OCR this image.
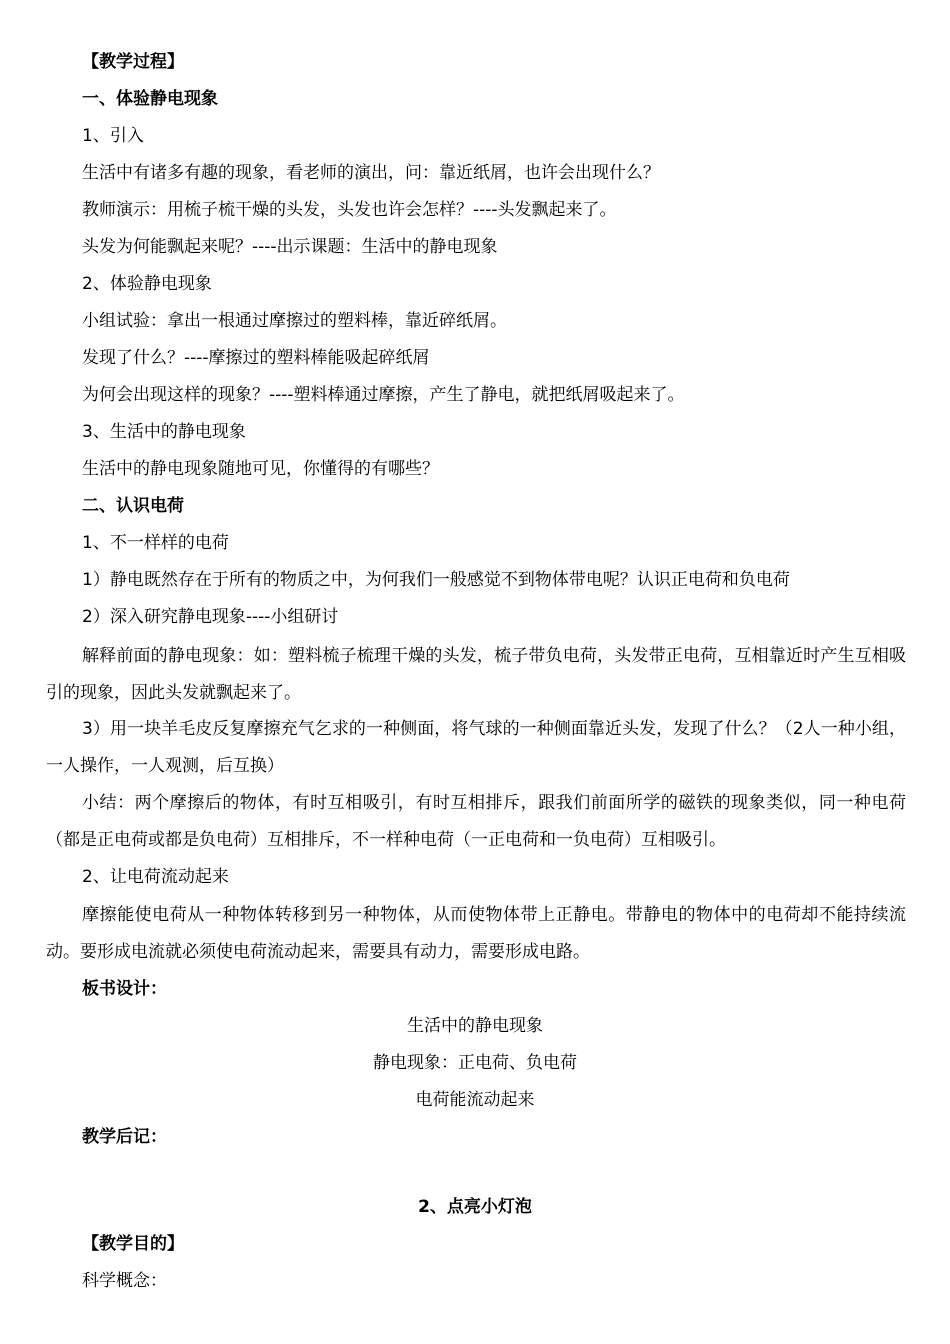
【教学过程】
一、体验静电现象
1、引入
生活中有诸多有趣的现象，看老师的演出，问：靠近纸屑，也许会出现什么？
教师演示：用梳子梳干燥的头发，头发也许会怎样？----头发飘起来了。
头发为何能飘起来呢？----出示课题：生活中的静电现象
2、体验静电现象
小组试验：拿出一根通过摩擦过的塑料棒，靠近碎纸屑。
发现了什么？----摩擦过的塑料棒能吸起碎纸屑
为何会出现这样的现象？----塑料棒通过摩擦，产生了静电，就把纸屑吸起来了。
3、生活中的静电现象
生活中的静电现象随地可见，你懂得的有哪些？
二、认识电荷
1、不一样样的电荷
1）静电既然存在于所有的物质之中，为何我们一般感觉不到物体带电呢？认识正电荷和负电荷
2）深入研究静电现象----小组研讨
解释前面的静电现象：如：塑料梳子梳理干燥的头发，梳子带负电荷，头发带正电荷，互相靠近时产生互相吸引的现象，因此头发就飘起来了。
3）用一块羊毛皮反复摩擦充气乞求的一种侧面，将气球的一种侧面靠近头发，发现了什么？（2人一种小组，一人操作，一人观测，后互换）
小结：两个摩擦后的物体，有时互相吸引，有时互相排斥，跟我们前面所学的磁铁的现象类似，同一种电荷（都是正电荷或都是负电荷）互相排斥，不一样种电荷（一正电荷和一负电荷）互相吸引。
2、让电荷流动起来
摩擦能使电荷从一种物体转移到另一种物体，从而使物体带上正静电。带静电的物体中的电荷却不能持续流动。要形成电流就必须使电荷流动起来，需要具有动力，需要形成电路。
板书设计：
生活中的静电现象
静电现象：正电荷、负电荷
电荷能流动起来
教学后记：
2、点亮小灯泡
【教学目的】
科学概念：
